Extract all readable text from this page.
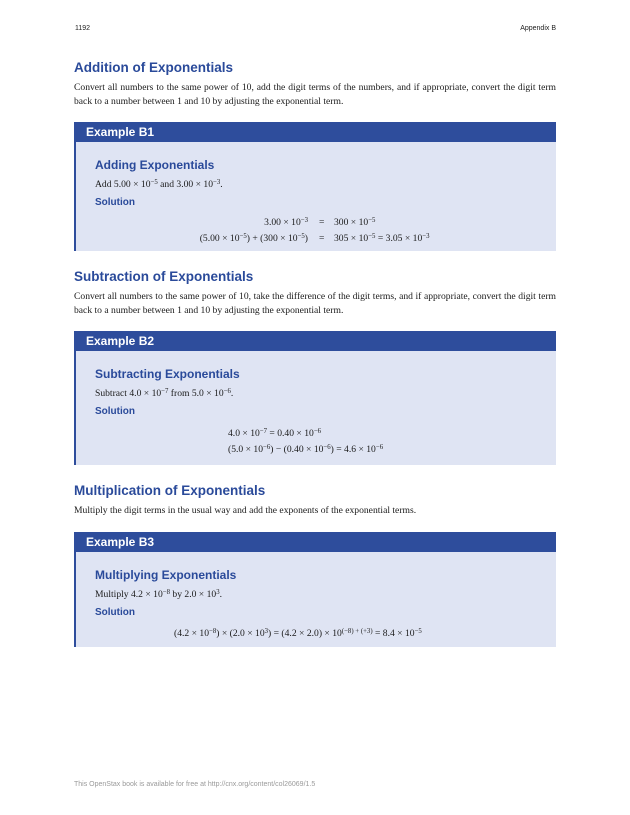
1192	Appendix B
Addition of Exponentials

Convert all numbers to the same power of 10, add the digit terms of the numbers, and if appropriate, convert the digit term back to a number between 1 and 10 by adjusting the exponential term.

Example B1
Adding Exponentials
Add $5.00 \times 10^{-5}$ and $3.00 \times 10^{-3}$.
Solution
$3.00 \times 10^{-3} = 300 \times 10^{-5}$
$(5.00 \times 10^{-5}) + (300 \times 10^{-5}) = 305 \times 10^{-5} = 3.05 \times 10^{-3}$
Subtraction of Exponentials

Convert all numbers to the same power of 10, take the difference of the digit terms, and if appropriate, convert the digit term back to a number between 1 and 10 by adjusting the exponential term.

Example B2
Subtracting Exponentials
Subtract $4.0 \times 10^{-7}$ from $5.0 \times 10^{-6}$.
Solution
$4.0 \times 10^{-7} = 0.40 \times 10^{-6}$
$(5.0 \times 10^{-6}) - (0.40 \times 10^{-6}) = 4.6 \times 10^{-6}$
Multiplication of Exponentials

Multiply the digit terms in the usual way and add the exponents of the exponential terms.

Example B3
Multiplying Exponentials
Multiply $4.2 \times 10^{-8}$ by $2.0 \times 10^3$.
Solution
$(4.2 \times 10^{-8}) \times (2.0 \times 10^3) = (4.2 \times 2.0) \times 10^{(-8) + (+3)} = 8.4 \times 10^{-5}$
This OpenStax book is available for free at http://cnx.org/content/col26069/1.5
